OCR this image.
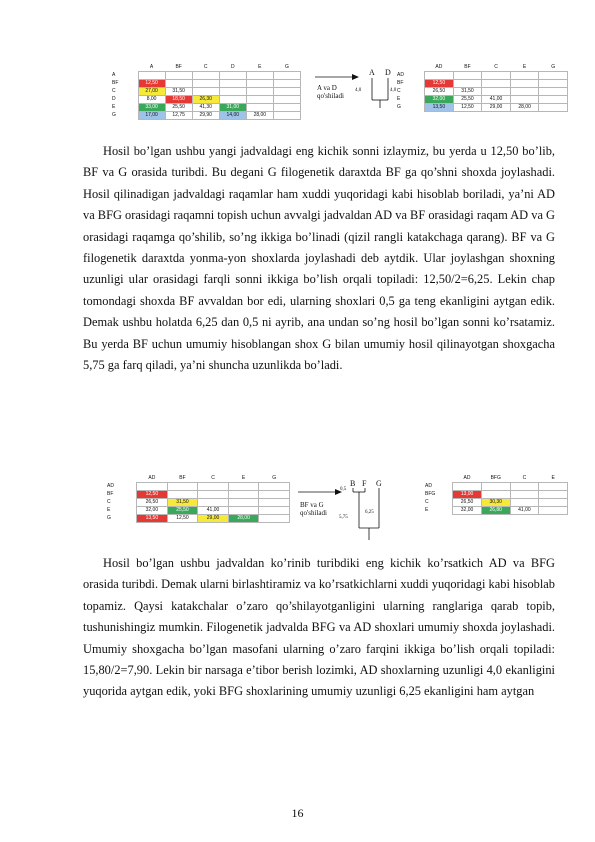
	A	BF	C	D	E	G
A						
BF	12,50					
C	27,00	31,50				
D	8,00	18,50	26,30			
E	33,00	25,50	41,30	31,00		
G	17,00	12,75	29,90	14,00	28,00	
A va D qo'shiladi
A D
4,0	4,0
	AD	BF	C	E	G
AD					
BF	12,50				
C	26,50	31,50			
E	32,00	25,50	41,00		
G	13,50	12,50	29,00	28,00	

Hosil bo’lgan ushbu yangi jadvaldagi eng kichik sonni izlaymiz, bu yerda u 12,50 bo’lib, BF va G orasida turibdi. Bu degani G filogenetik daraxtda BF ga qo’shni shoxda joylashadi. Hosil qilinadigan jadvaldagi raqamlar ham xuddi yuqoridagi kabi hisoblab boriladi, ya’ni AD va BFG orasidagi raqamni topish uchun avvalgi jadvaldan AD va BF orasidagi raqam AD va G orasidagi raqamga qo’shilib, so’ng ikkiga bo’linadi (qizil rangli katakchaga qarang). BF va G filogenetik daraxtda yonma-yon shoxlarda joylashadi deb aytdik. Ular joylashgan shoxning uzunligi ular orasidagi farqli sonni ikkiga bo’lish orqali topiladi: 12,50/2=6,25. Lekin chap tomondagi shoxda BF avvaldan bor edi, ularning shoxlari 0,5 ga teng ekanligini aytgan edik. Demak ushbu holatda 6,25 dan 0,5 ni ayrib, ana undan so’ng hosil bo’lgan sonni ko’rsatamiz. Bu yerda BF uchun umumiy hisoblangan shox G bilan umumiy hosil qilinayotgan shoxgacha 5,75 ga farq qiladi, ya’ni shuncha uzunlikda bo’ladi.

	AD	BF	C	E	G
AD					
BF	12,50				
C	26,50	31,50			
E	32,00	25,50	41,00		
G	13,50	12,50	29,00	28,00	
BF va G qo'shiladi
B F G
0,5
5,75
6,25
	AD	BFG	C	E
AD				
BFG	13,00			
C	26,50	30,30		
E	32,00	26,80	41,00	

Hosil bo’lgan ushbu jadvaldan ko’rinib turibdiki eng kichik ko’rsatkich AD va BFG orasida turibdi. Demak ularni birlashtiramiz va ko’rsatkichlarni xuddi yuqoridagi kabi hisoblab topamiz. Qaysi katakchalar o’zaro qo’shilayotganligini ularning ranglariga qarab topib, tushunishingiz mumkin. Filogenetik jadvalda BFG va AD shoxlari umumiy shoxda joylashadi. Umumiy shoxgacha bo’lgan masofani ularning o’zaro farqini ikkiga bo’lish orqali topiladi: 15,80/2=7,90. Lekin bir narsaga e’tibor berish lozimki, AD shoxlarning uzunligi 4,0 ekanligini yuqorida aytgan edik, yoki BFG shoxlarining umumiy uzunligi 6,25 ekanligini ham aytgan

16
